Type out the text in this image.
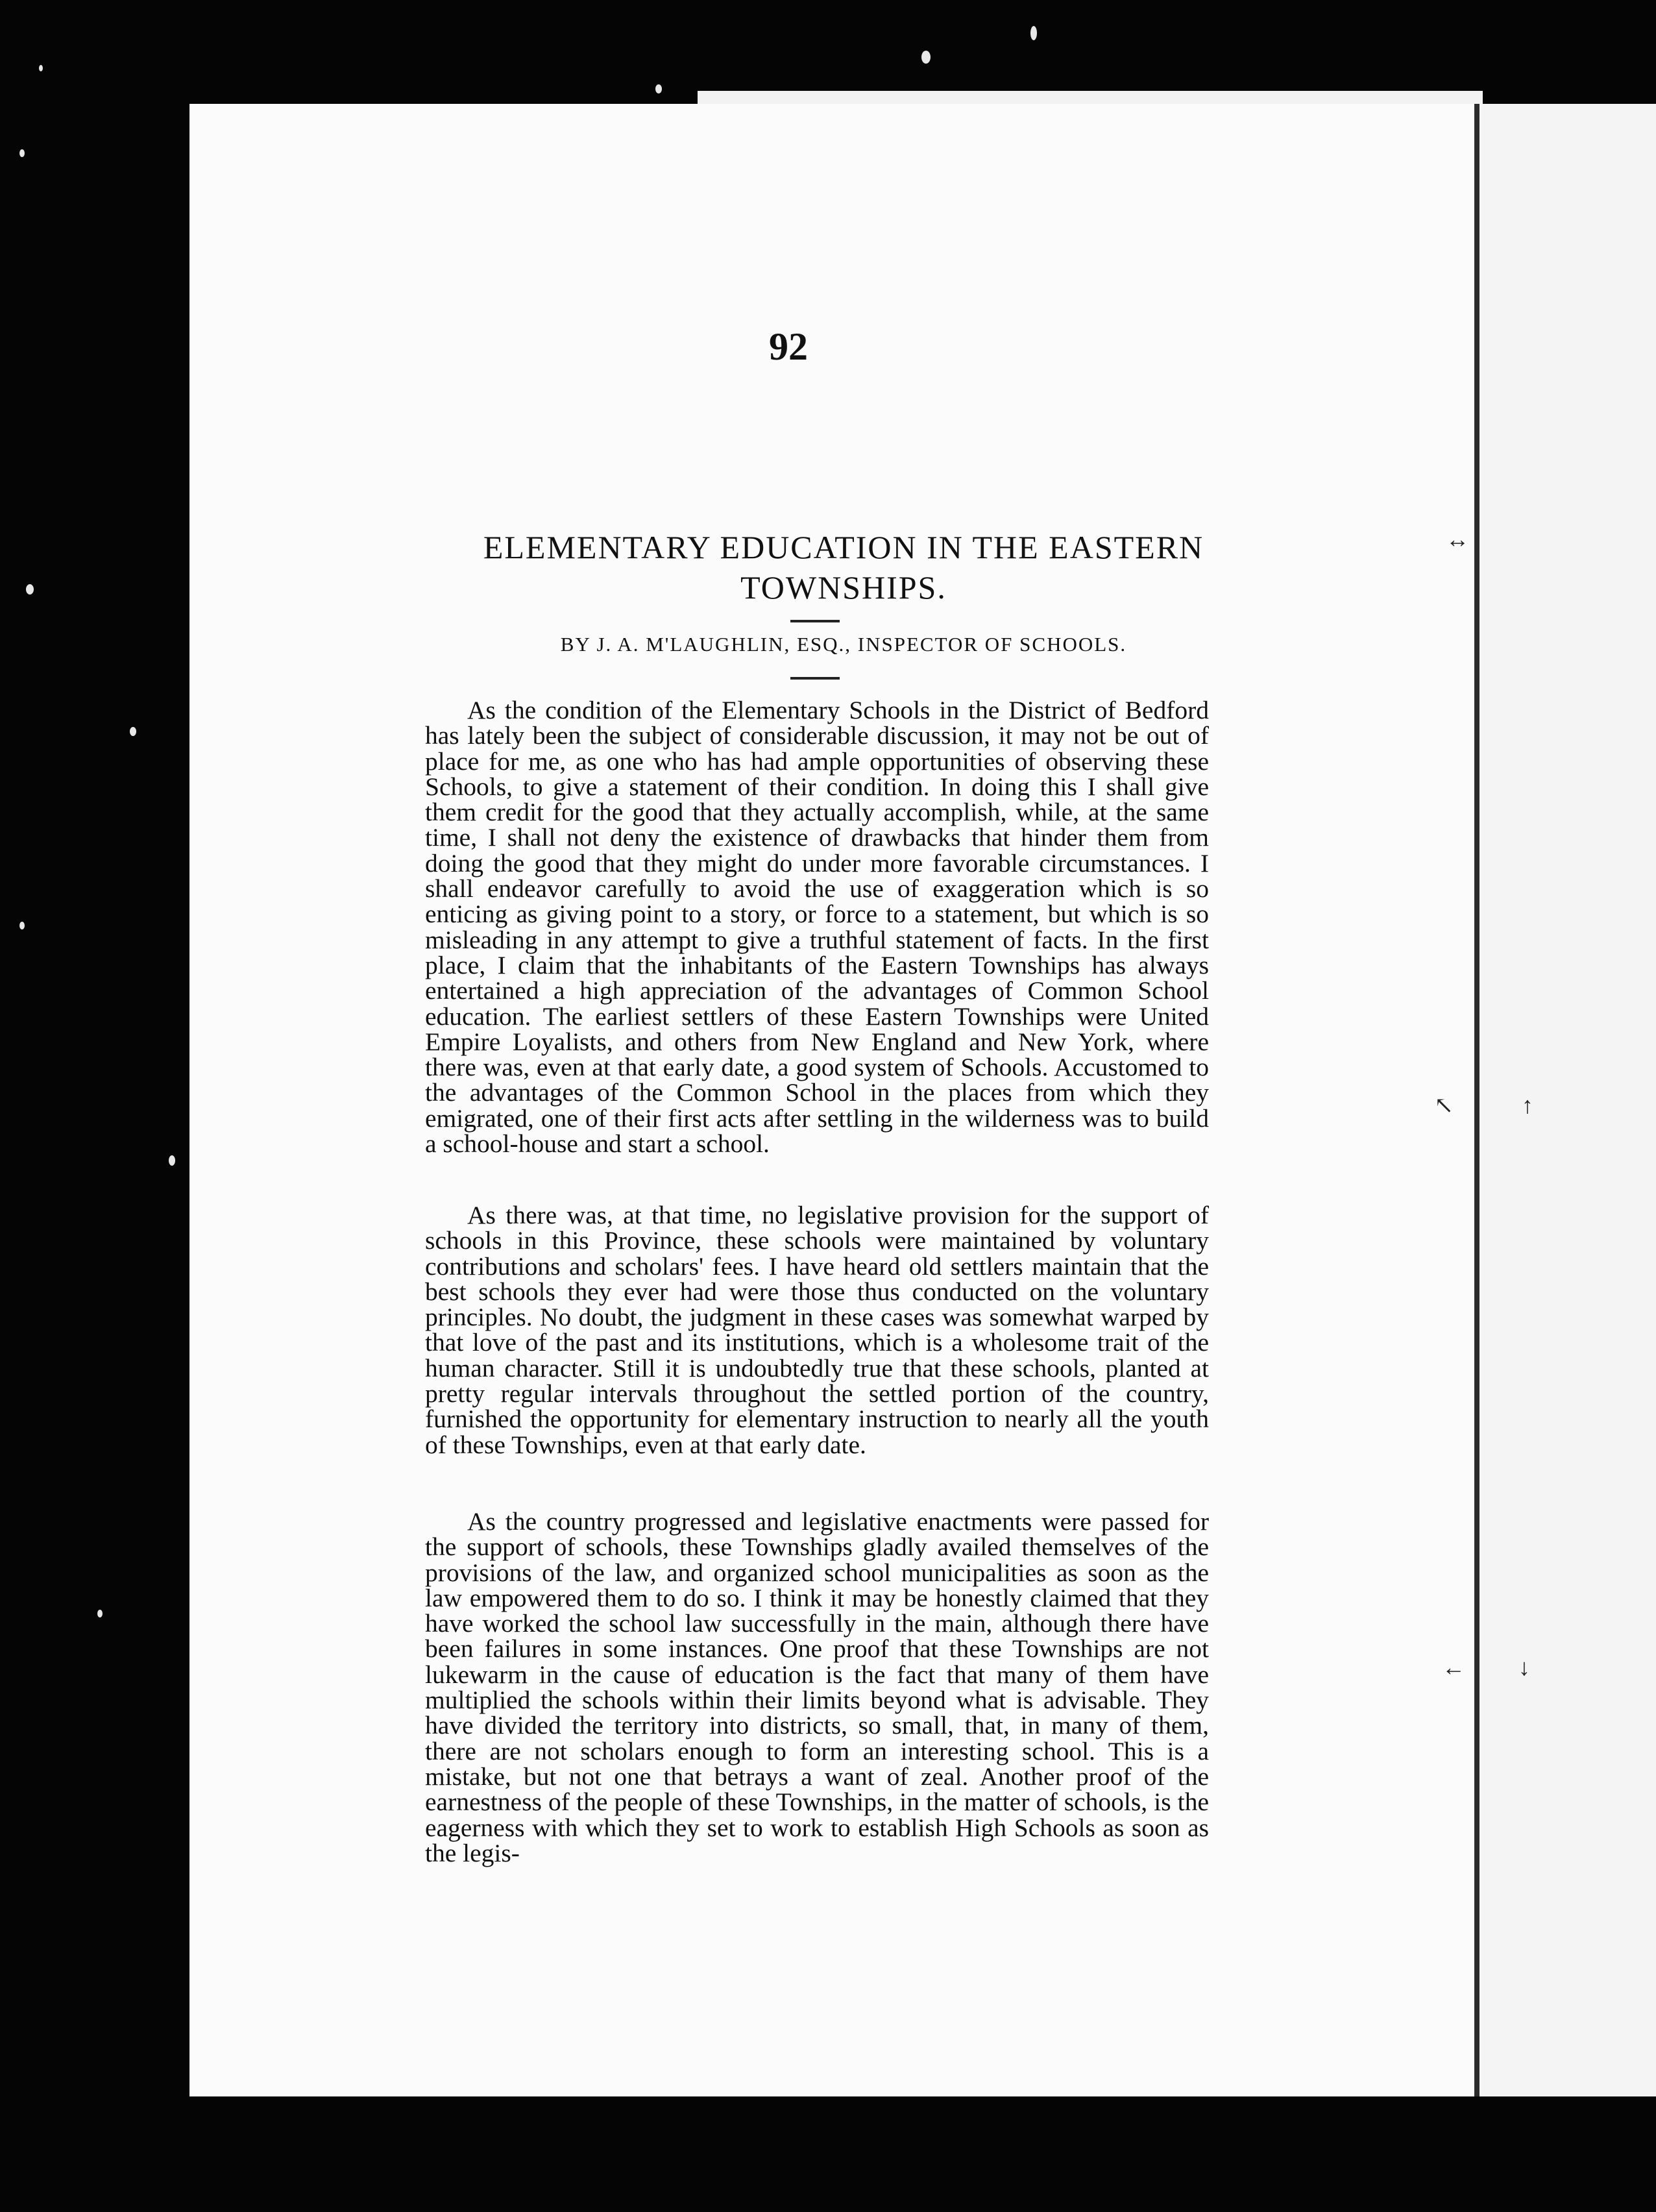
↔
↖	↑
← ↓
92
ELEMENTARY EDUCATION IN THE EASTERN
TOWNSHIPS.
BY J. A. M'LAUGHLIN, ESQ., INSPECTOR OF SCHOOLS.

As the condition of the Elementary Schools in the District of Bedford has lately been the subject of considerable discussion, it may not be out of place for me, as one who has had ample opportunities of observing these Schools, to give a statement of their condition. In doing this I shall give them credit for the good that they actually accomplish, while, at the same time, I shall not deny the existence of drawbacks that hinder them from doing the good that they might do under more favorable circumstances. I shall endeavor carefully to avoid the use of exaggeration which is so enticing as giving point to a story, or force to a statement, but which is so misleading in any attempt to give a truthful statement of facts. In the first place, I claim that the inhabitants of the Eastern Townships has always entertained a high appreciation of the advantages of Common School education. The earliest settlers of these Eastern Townships were United Empire Loyalists, and others from New England and New York, where there was, even at that early date, a good system of Schools. Accustomed to the advantages of the Common School in the places from which they emigrated, one of their first acts after settling in the wilderness was to build a school-house and start a school.

As there was, at that time, no legislative provision for the support of schools in this Province, these schools were maintained by voluntary contributions and scholars' fees. I have heard old settlers maintain that the best schools they ever had were those thus conducted on the voluntary principles. No doubt, the judgment in these cases was somewhat warped by that love of the past and its institutions, which is a wholesome trait of the human character. Still it is undoubtedly true that these schools, planted at pretty regular intervals throughout the settled portion of the country, furnished the opportunity for elementary instruction to nearly all the youth of these Townships, even at that early date.

As the country progressed and legislative enactments were passed for the support of schools, these Townships gladly availed themselves of the provisions of the law, and organized school municipalities as soon as the law empowered them to do so. I think it may be honestly claimed that they have worked the school law successfully in the main, although there have been failures in some instances. One proof that these Townships are not lukewarm in the cause of education is the fact that many of them have multiplied the schools within their limits beyond what is advisable. They have divided the territory into districts, so small, that, in many of them, there are not scholars enough to form an interesting school. This is a mistake, but not one that betrays a want of zeal. Another proof of the earnestness of the people of these Townships, in the matter of schools, is the eagerness with which they set to work to establish High Schools as soon as the legis-
